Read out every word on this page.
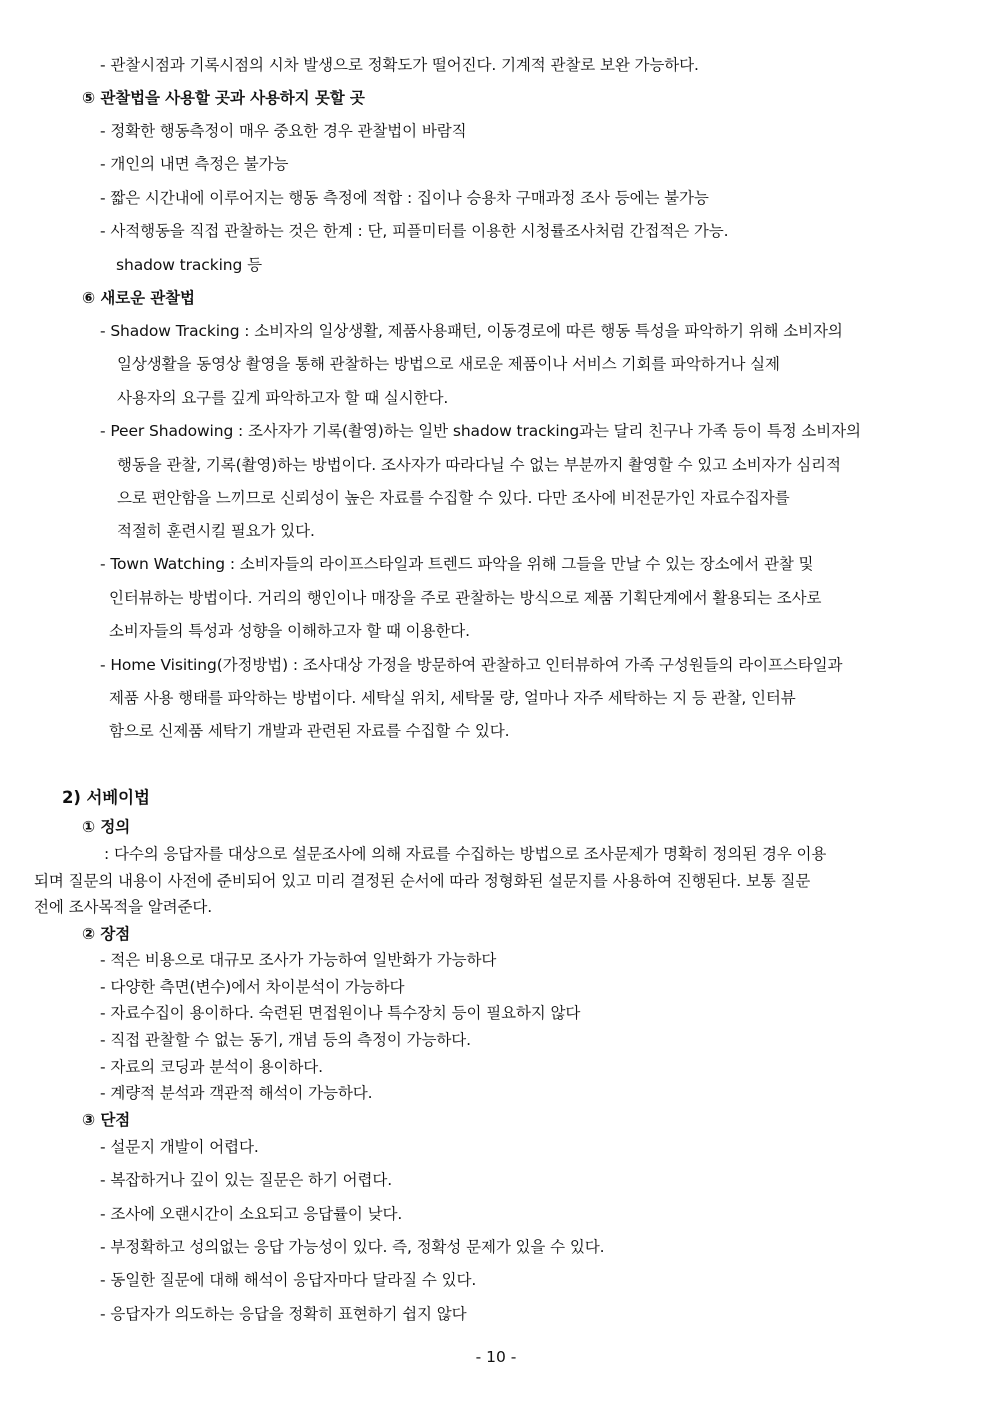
- 관찰시점과 기록시점의 시차 발생으로 정확도가 떨어진다. 기계적 관찰로 보완 가능하다.
⑤ 관찰법을 사용할 곳과 사용하지 못할 곳
- 정확한 행동측정이 매우 중요한 경우 관찰법이 바람직
- 개인의 내면 측정은 불가능
- 짧은 시간내에 이루어지는 행동 측정에 적합 : 집이나 승용차 구매과정 조사 등에는 불가능
- 사적행동을 직접 관찰하는 것은 한계 : 단, 피플미터를 이용한 시청률조사처럼 간접적은 가능.
shadow tracking 등
⑥ 새로운 관찰법
- Shadow Tracking : 소비자의 일상생활, 제품사용패턴, 이동경로에 따른 행동 특성을 파악하기 위해 소비자의
일상생활을 동영상 촬영을 통해 관찰하는 방법으로 새로운 제품이나 서비스 기회를 파악하거나 실제
사용자의 요구를 깊게 파악하고자 할 때 실시한다.
- Peer Shadowing : 조사자가 기록(촬영)하는 일반 shadow tracking과는 달리 친구나 가족 등이 특정 소비자의
행동을 관찰, 기록(촬영)하는 방법이다. 조사자가 따라다닐 수 없는 부분까지 촬영할 수 있고 소비자가 심리적
으로 편안함을 느끼므로 신뢰성이 높은 자료를 수집할 수 있다. 다만 조사에 비전문가인 자료수집자를
적절히 훈련시킬 필요가 있다.
- Town Watching : 소비자들의 라이프스타일과 트렌드 파악을 위해 그들을 만날 수 있는 장소에서 관찰 및
인터뷰하는 방법이다. 거리의 행인이나 매장을 주로 관찰하는 방식으로 제품 기획단계에서 활용되는 조사로
소비자들의 특성과 성향을 이해하고자 할 때 이용한다.
- Home Visiting(가정방법) : 조사대상 가정을 방문하여 관찰하고 인터뷰하여 가족 구성원들의 라이프스타일과
제품 사용 행태를 파악하는 방법이다. 세탁실 위치, 세탁물 량, 얼마나 자주 세탁하는 지 등 관찰, 인터뷰
함으로 신제품 세탁기 개발과 관련된 자료를 수집할 수 있다.
2) 서베이법
① 정의
: 다수의 응답자를 대상으로 설문조사에 의해 자료를 수집하는 방법으로 조사문제가 명확히 정의된 경우 이용
되며 질문의 내용이 사전에 준비되어 있고 미리 결정된 순서에 따라 정형화된 설문지를 사용하여 진행된다. 보통 질문
전에 조사목적을 알려준다.
② 장점
- 적은 비용으로 대규모 조사가 가능하여 일반화가 가능하다
- 다양한 측면(변수)에서 차이분석이 가능하다
- 자료수집이 용이하다. 숙련된 면접원이나 특수장치 등이 필요하지 않다
- 직접 관찰할 수 없는 동기, 개념 등의 측정이 가능하다.
- 자료의 코딩과 분석이 용이하다.
- 계량적 분석과 객관적 해석이 가능하다.
③ 단점
- 설문지 개발이 어렵다.
- 복잡하거나 깊이 있는 질문은 하기 어렵다.
- 조사에 오랜시간이 소요되고 응답률이 낮다.
- 부정확하고 성의없는 응답 가능성이 있다. 즉, 정확성 문제가 있을 수 있다.
- 동일한 질문에 대해 해석이 응답자마다 달라질 수 있다.
- 응답자가 의도하는 응답을 정확히 표현하기 쉽지 않다
- 10 -
